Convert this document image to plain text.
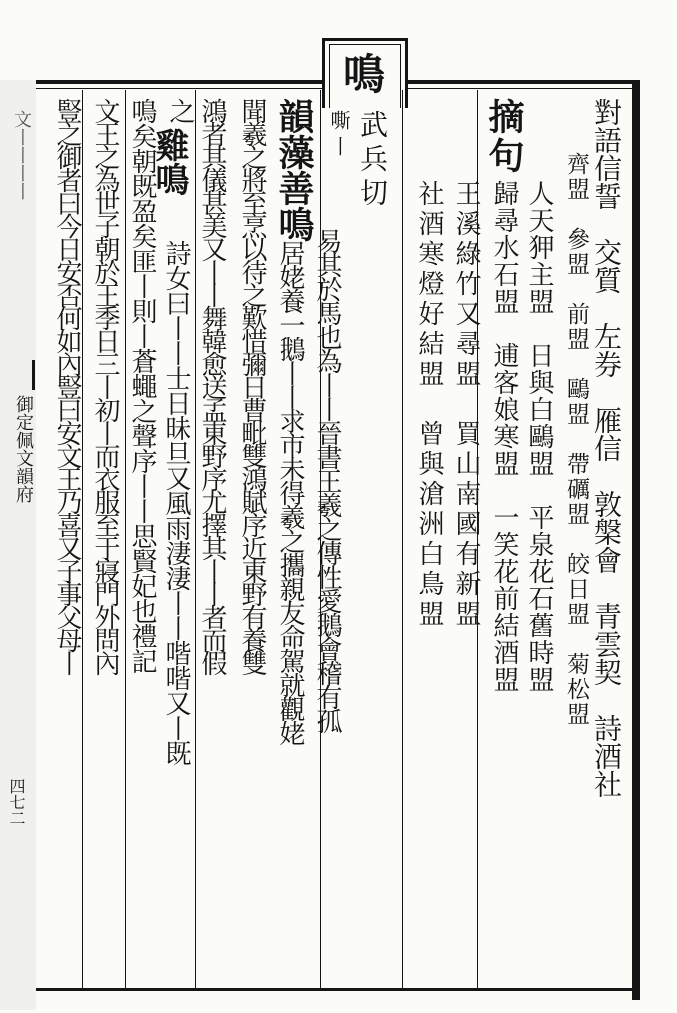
鳴
武兵切
嘶丨	對語信誓　交質　左券　雁信　敦槃會　青雲契　詩酒社
齊盟　參盟　前盟　鷗盟　帶礪盟　皎日盟　菊松盟
摘句
人天狎主盟　日與白鷗盟　平泉花石舊時盟
歸尋水石盟　逋客娘寒盟　一笑花前結酒盟
王溪綠竹又尋盟　買山南國有新盟
社酒寒燈好結盟　曾與滄洲白鳥盟
韻藻善鳴
易其於馬也為丨丨晉書王羲之傳性愛鵝會稽有孤
居姥養一鵝丨丨求市未得羲之攜親友命駕就觀姥
聞羲之將至烹以待之歎惜彌日曹毗雙鴻賦序近東野有養雙
鴻者其儀甚美又丨丨舞韓愈送孟東野序尤擇其丨丨者而假
之
雞鳴
詩女曰丨丨士日昧旦又風雨淒淒丨丨喈喈又丨既
鳴矣朝既盈矣匪丨則丨蒼蠅之聲序丨丨思賢妃也禮記
文王之為世子朝於王季日三丨初丨而衣服至于寢門外問內
豎之御者曰今日安否何如內豎曰安文王乃喜又子事父母丨
文丨丨丨丨
御定佩文韻府
四七二
